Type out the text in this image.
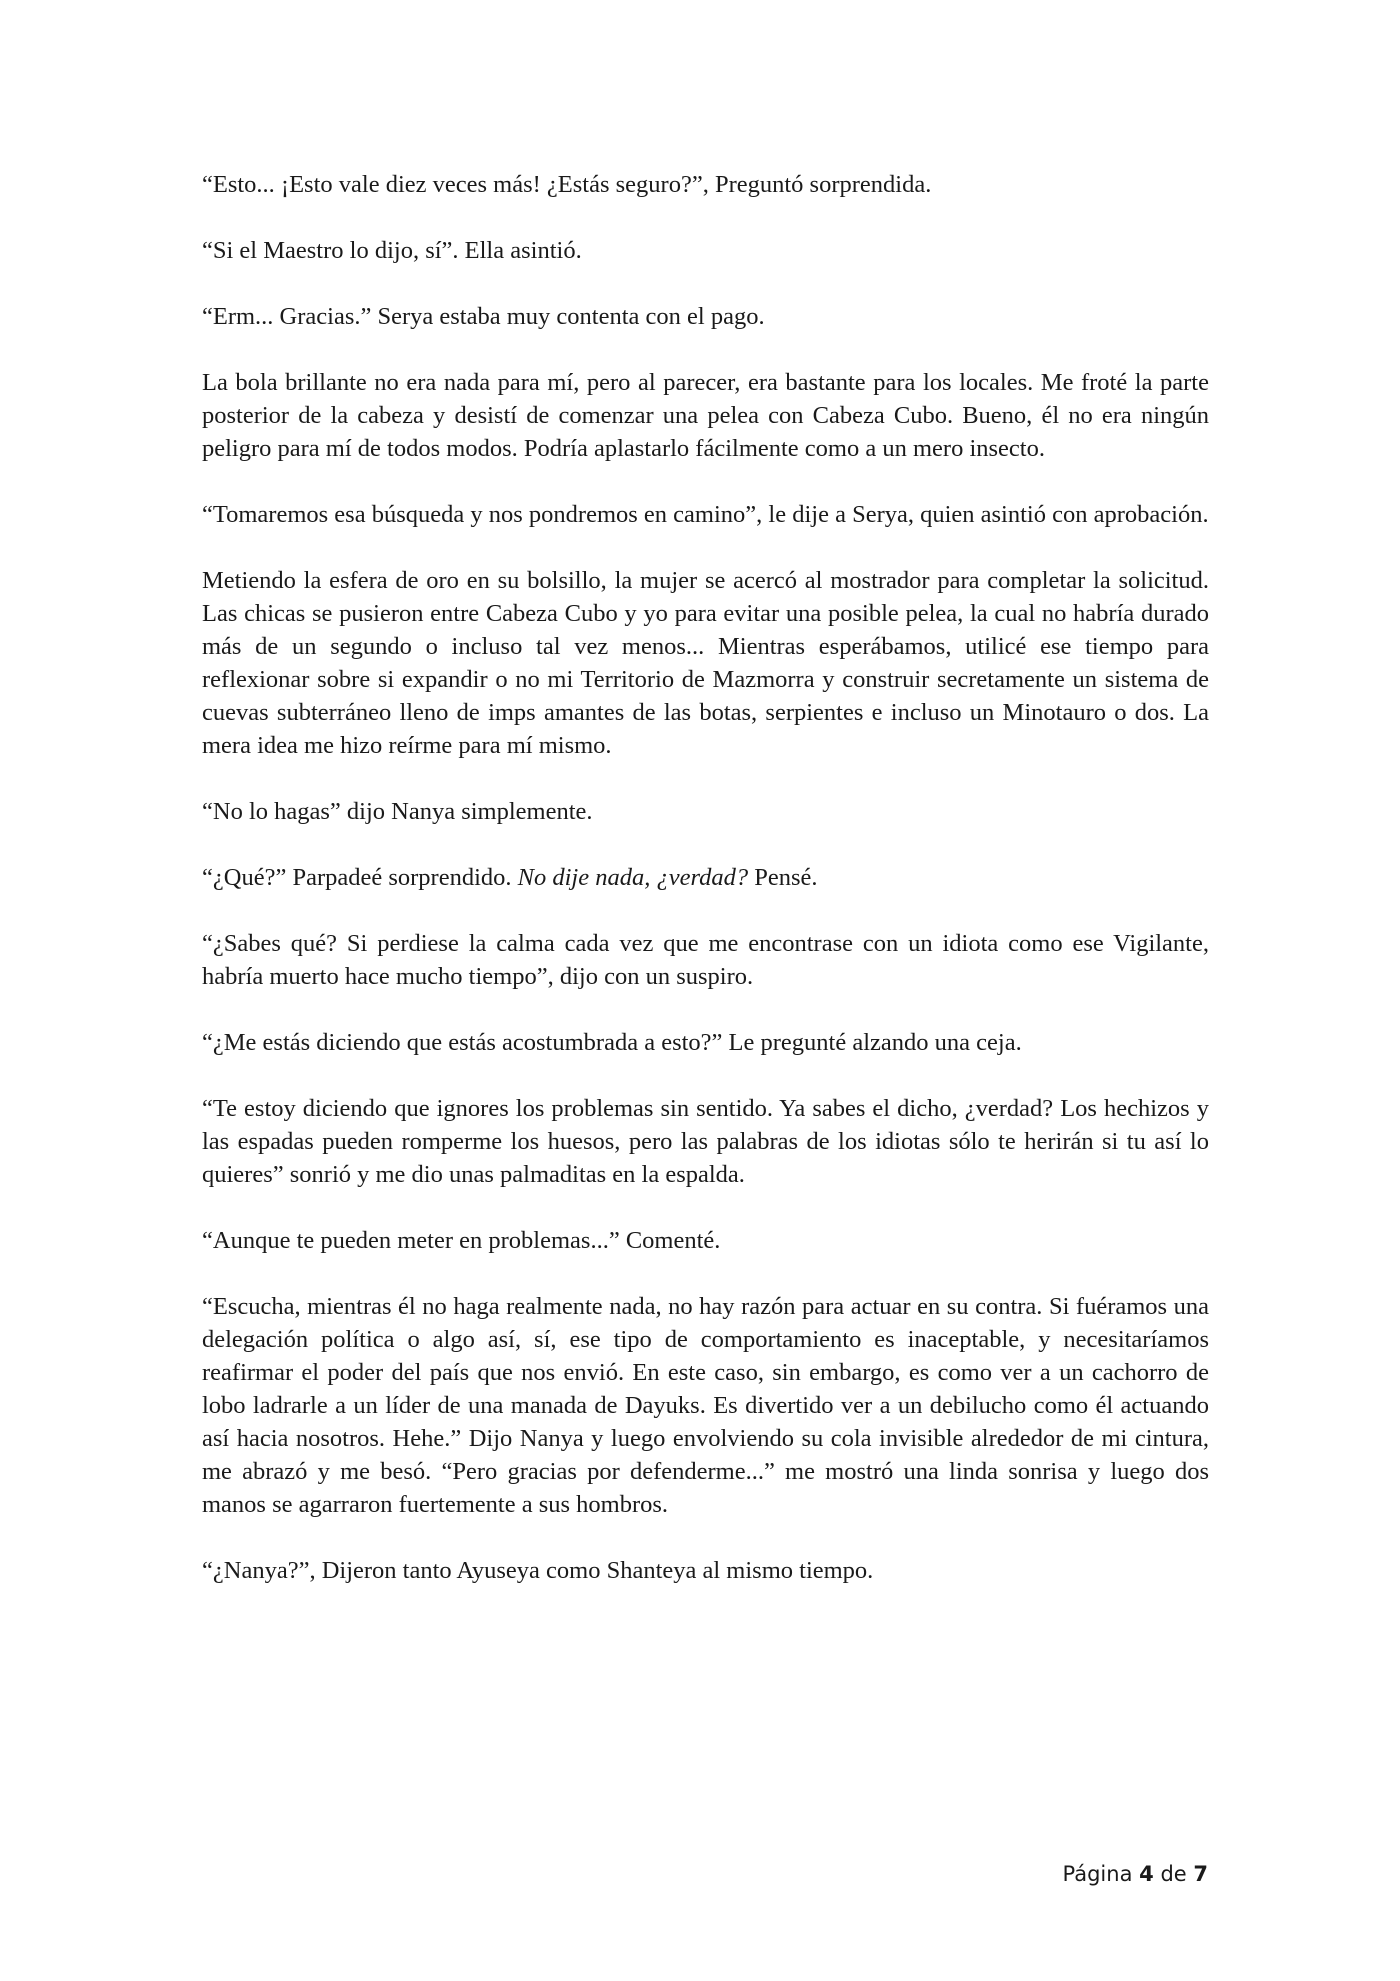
“Esto... ¡Esto vale diez veces más! ¿Estás seguro?”, Preguntó sorprendida.

“Si el Maestro lo dijo, sí”. Ella asintió.

“Erm... Gracias.” Serya estaba muy contenta con el pago.

La bola brillante no era nada para mí, pero al parecer, era bastante para los locales. Me froté la parte posterior de la cabeza y desistí de comenzar una pelea con Cabeza Cubo. Bueno, él no era ningún peligro para mí de todos modos. Podría aplastarlo fácilmente como a un mero insecto.

“Tomaremos esa búsqueda y nos pondremos en camino”, le dije a Serya, quien asintió con aprobación.

Metiendo la esfera de oro en su bolsillo, la mujer se acercó al mostrador para completar la solicitud. Las chicas se pusieron entre Cabeza Cubo y yo para evitar una posible pelea, la cual no habría durado más de un segundo o incluso tal vez menos... Mientras esperábamos, utilicé ese tiempo para reflexionar sobre si expandir o no mi Territorio de Mazmorra y construir secretamente un sistema de cuevas subterráneo lleno de imps amantes de las botas, serpientes e incluso un Minotauro o dos. La mera idea me hizo reírme para mí mismo.

“No lo hagas” dijo Nanya simplemente.

“¿Qué?” Parpadeé sorprendido. No dije nada, ¿verdad? Pensé.

“¿Sabes qué? Si perdiese la calma cada vez que me encontrase con un idiota como ese Vigilante, habría muerto hace mucho tiempo”, dijo con un suspiro.

“¿Me estás diciendo que estás acostumbrada a esto?” Le pregunté alzando una ceja.

“Te estoy diciendo que ignores los problemas sin sentido. Ya sabes el dicho, ¿verdad? Los hechizos y las espadas pueden romperme los huesos, pero las palabras de los idiotas sólo te herirán si tu así lo quieres” sonrió y me dio unas palmaditas en la espalda.

“Aunque te pueden meter en problemas...” Comenté.

“Escucha, mientras él no haga realmente nada, no hay razón para actuar en su contra. Si fuéramos una delegación política o algo así, sí, ese tipo de comportamiento es inaceptable, y necesitaríamos reafirmar el poder del país que nos envió. En este caso, sin embargo, es como ver a un cachorro de lobo ladrarle a un líder de una manada de Dayuks. Es divertido ver a un debilucho como él actuando así hacia nosotros. Hehe.” Dijo Nanya y luego envolviendo su cola invisible alrededor de mi cintura, me abrazó y me besó. “Pero gracias por defenderme...” me mostró una linda sonrisa y luego dos manos se agarraron fuertemente a sus hombros.

“¿Nanya?”, Dijeron tanto Ayuseya como Shanteya al mismo tiempo.

Página 4 de 7
